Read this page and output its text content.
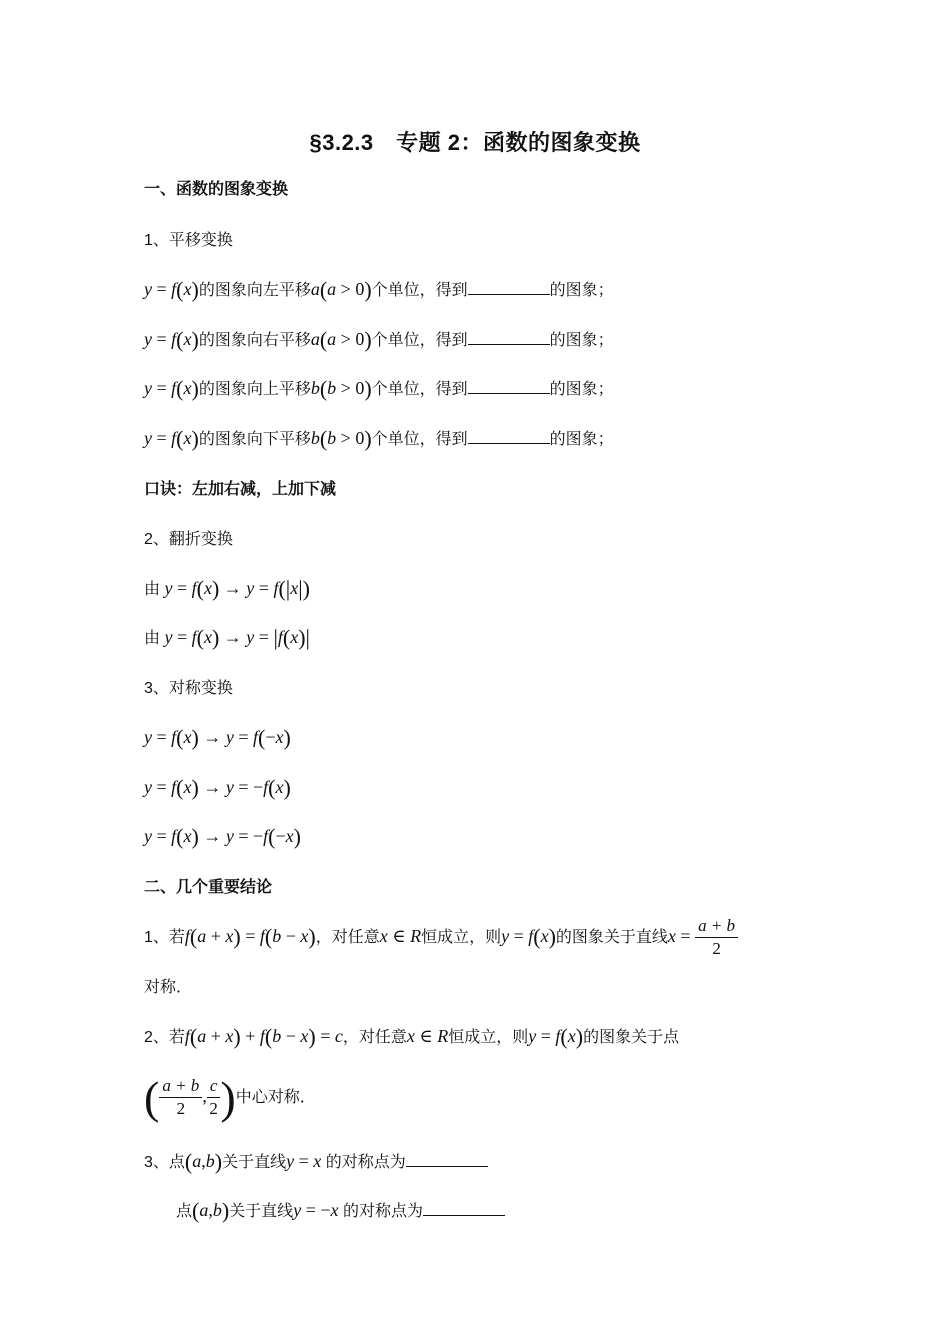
§3.2.3　专题 2：函数的图象变换
一、函数的图象变换
1、平移变换
y = f(x)的图象向左平移a(a > 0)个单位，得到	的图象；
y = f(x)的图象向右平移a(a > 0)个单位，得到	的图象；
y = f(x)的图象向上平移b(b > 0)个单位，得到	的图象；
y = f(x)的图象向下平移b(b > 0)个单位，得到	的图象；
口诀：左加右减，上加下减
2、翻折变换
由 y = f(x) → y = f(|x|)
由 y = f(x) → y = |f(x)|
3、对称变换
y = f(x) → y = f(−x)
y = f(x) → y = −f(x)
y = f(x) → y = −f(−x)
二、几个重要结论
1、若f(a + x) = f(b − x)，对任意x ∈ R恒成立，则y = f(x)的图象关于直线$x = \frac{a + b}{2}$
对称．
2、若f(a + x) + f(b − x) = c，对任意x ∈ R恒成立，则y = f(x)的图象关于点
( $\frac{a + b}{2}$ , $\frac{c}{2}$ )中心对称．
3、点(a,b)关于直线y = x 的对称点为
点(a,b)关于直线y = −x 的对称点为
